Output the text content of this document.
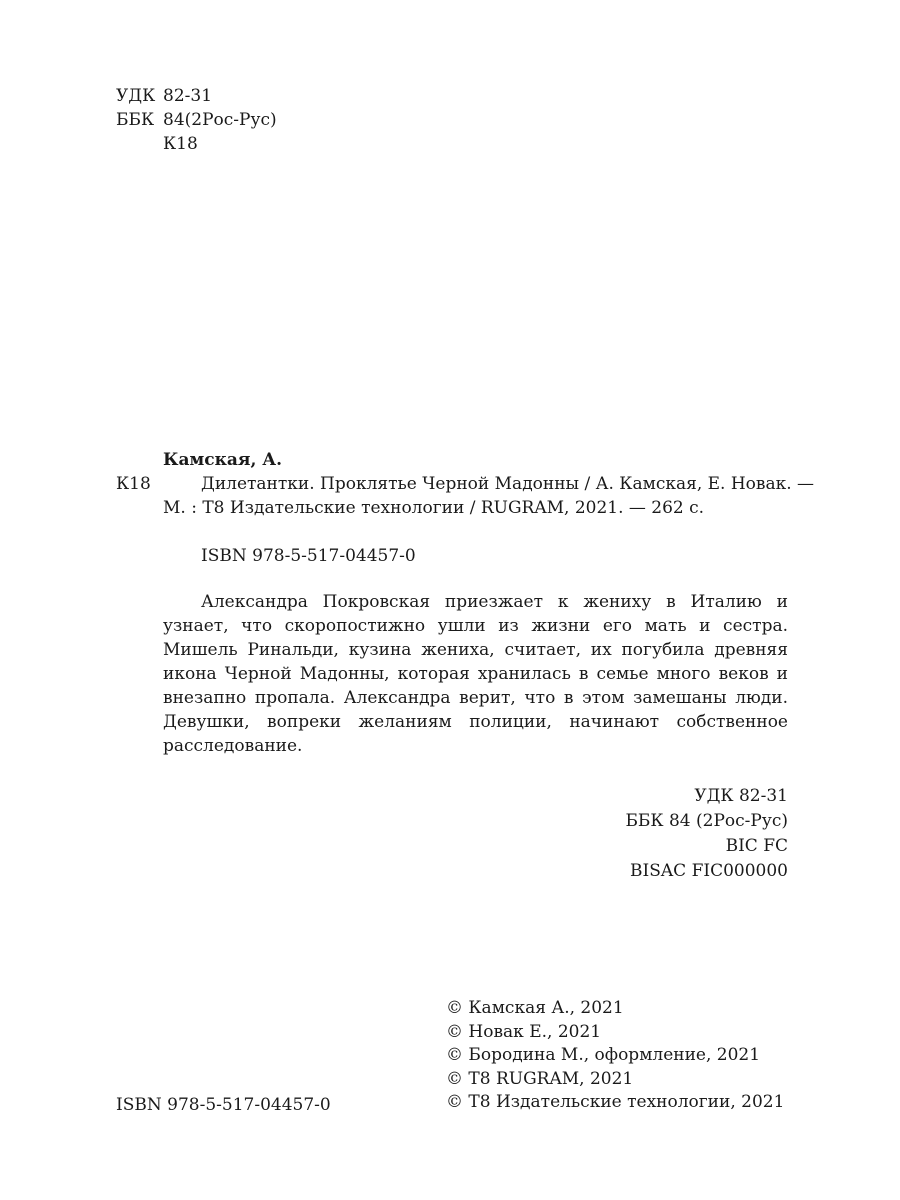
УДК 82-31
ББК 84(2Рос-Рус)
К18
Камская, А.
К18	Дилетантки. Проклятье Черной Мадонны / А. Камская, Е. Новак. —
М. : Т8 Издательские технологии / RUGRAM, 2021. — 262 с.
ISBN 978-5-517-04457-0

Александра Покровская приезжает к жениху в Италию и узнает, что скоропостижно ушли из жизни его мать и сестра. Мишель Ринальди, кузина жениха, считает, их погубила древняя икона Черной Мадонны, которая хранилась в семье много веков и внезапно пропала. Александра верит, что в этом замешаны люди. Девушки, вопреки желаниям полиции, начинают собственное расследование.

УДК 82-31
ББК 84 (2Рос-Рус)
BIC FC
BISAC FIC000000
ISBN 978-5-517-04457-0
© Камская А., 2021
© Новак Е., 2021
© Бородина М., оформление, 2021
© Т8 RUGRAM, 2021
© Т8 Издательские технологии, 2021
